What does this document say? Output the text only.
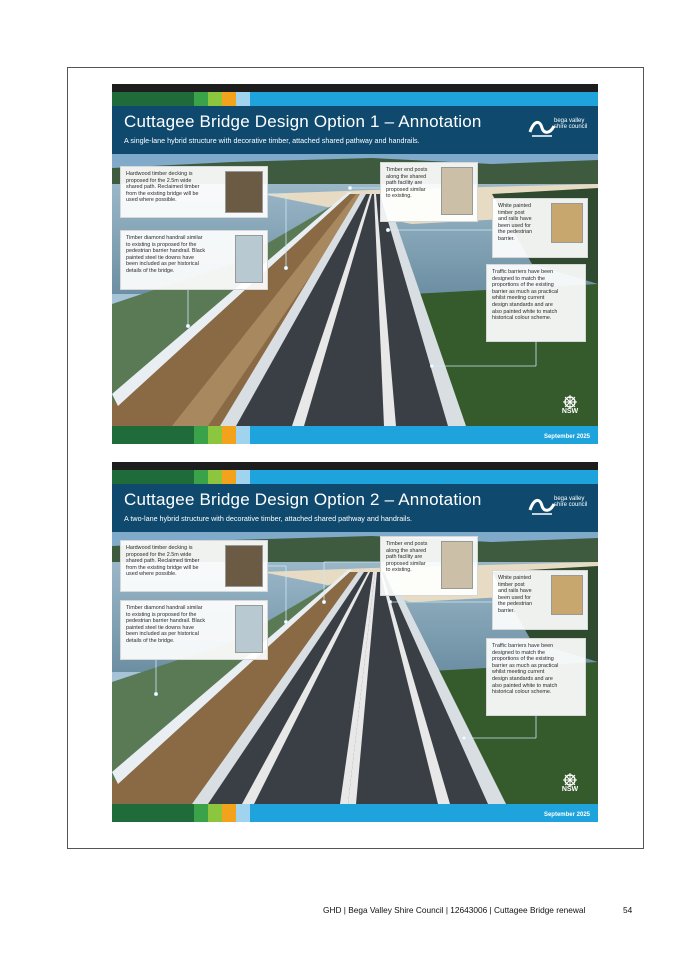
Cuttagee Bridge Design Option 1 – Annotation
A single-lane hybrid structure with decorative timber, attached shared pathway and handrails.
bega valley
shire council
Hardwood timber decking is
proposed for the 2.5m wide
shared path. Reclaimed timber
from the existing bridge will be
used where possible.
Timber diamond handrail similar
to existing is proposed for the
pedestrian barrier handrail. Black
painted steel tie downs have
been included as per historical
details of the bridge.
Timber end posts
along the shared
path facility are
proposed similar
to existing.
White painted
timber post
and rails have
been used for
the pedestrian
barrier.
Traffic barriers have been
designed to match the
proportions of the existing
barrier as much as practical
whilst meeting current
design standards and are
also painted white to match
historical colour scheme.
NSW
September 2025
Cuttagee Bridge Design Option 2 – Annotation
A two-lane hybrid structure with decorative timber, attached shared pathway and handrails.
bega valley
shire council
Hardwood timber decking is
proposed for the 2.5m wide
shared path. Reclaimed timber
from the existing bridge will be
used where possible.
Timber diamond handrail similar
to existing is proposed for the
pedestrian barrier handrail. Black
painted steel tie downs have
been included as per historical
details of the bridge.
Timber end posts
along the shared
path facility are
proposed similar
to existing.
White painted
timber post
and rails have
been used for
the pedestrian
barrier.
Traffic barriers have been
designed to match the
proportions of the existing
barrier as much as practical
whilst meeting current
design standards and are
also painted white to match
historical colour scheme.
NSW
September 2025
GHD | Bega Valley Shire Council | 12643006 | Cuttagee Bridge renewal	54
